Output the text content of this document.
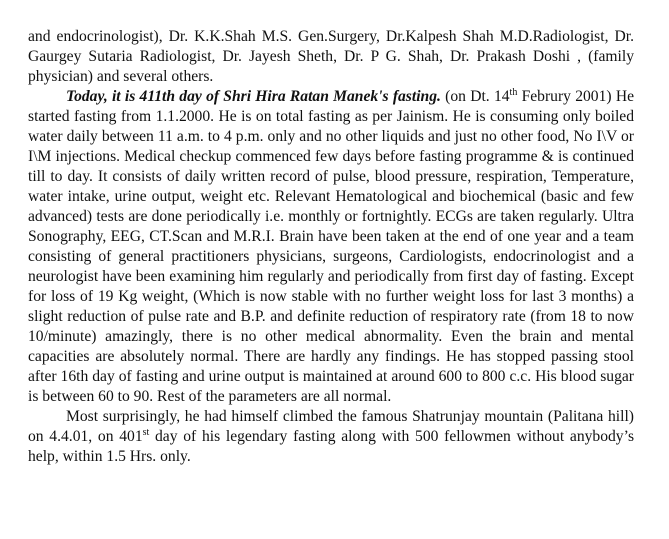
and endocrinologist), Dr. K.K.Shah M.S. Gen.Surgery, Dr.Kalpesh Shah M.D.Radiologist, Dr. Gaurgey Sutaria Radiologist, Dr. Jayesh Sheth, Dr. P G. Shah, Dr. Prakash Doshi , (family physician) and several others.

Today, it is 411th day of Shri Hira Ratan Manek's fasting. (on Dt. 14th Februry 2001) He started fasting from 1.1.2000. He is on total fasting as per Jainism. He is consuming only boiled water daily between 11 a.m. to 4 p.m. only and no other liquids and just no other food, No I\V or I\M injections. Medical checkup commenced few days before fasting programme & is continued till to day. It consists of daily written record of pulse, blood pressure, respiration, Temperature, water intake, urine output, weight etc. Relevant Hematological and biochemical (basic and few advanced) tests are done periodically i.e. monthly or fortnightly. ECGs are taken regularly. Ultra Sonography, EEG, CT.Scan and M.R.I. Brain have been taken at the end of one year and a team consisting of general practitioners physicians, surgeons, Cardiologists, endocrinologist and a neurologist have been examining him regularly and periodically from first day of fasting. Except for loss of 19 Kg weight, (Which is now stable with no further weight loss for last 3 months) a slight reduction of pulse rate and B.P. and definite reduction of respiratory rate (from 18 to now 10/minute) amazingly, there is no other medical abnormality. Even the brain and mental capacities are absolutely normal. There are hardly any findings. He has stopped passing stool after 16th day of fasting and urine output is maintained at around 600 to 800 c.c. His blood sugar is between 60 to 90. Rest of the parameters are all normal.

Most surprisingly, he had himself climbed the famous Shatrunjay mountain (Palitana hill) on 4.4.01, on 401st day of his legendary fasting along with 500 fellowmen without anybody’s help, within 1.5 Hrs. only.
